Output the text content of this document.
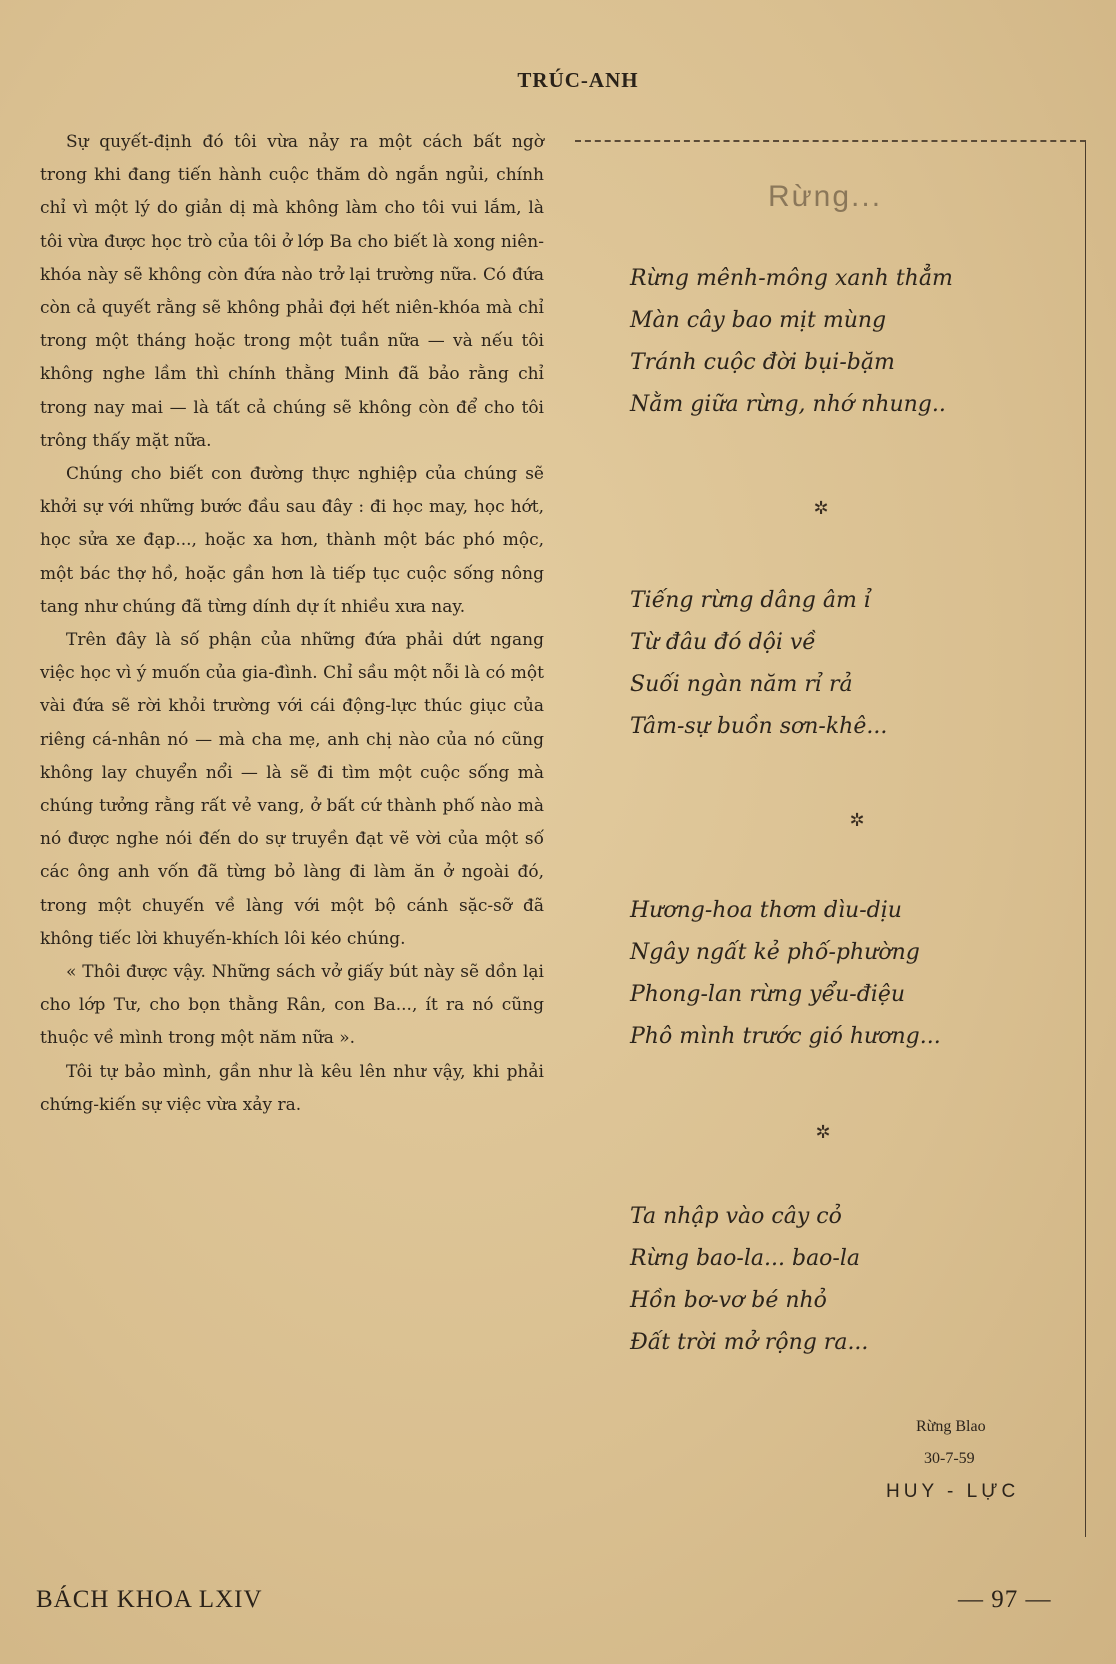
TRÚC-ANH

Sự quyết-định đó tôi vừa nảy ra một cách bất ngờ trong khi đang tiến hành cuộc thăm dò ngắn ngủi, chính chỉ vì một lý do giản dị mà không làm cho tôi vui lắm, là tôi vừa được học trò của tôi ở lớp Ba cho biết là xong niên-khóa này sẽ không còn đứa nào trở lại trường nữa. Có đứa còn cả quyết rằng sẽ không phải đợi hết niên-khóa mà chỉ trong một tháng hoặc trong một tuần nữa — và nếu tôi không nghe lầm thì chính thằng Minh đã bảo rằng chỉ trong nay mai — là tất cả chúng sẽ không còn để cho tôi trông thấy mặt nữa.

Chúng cho biết con đường thực nghiệp của chúng sẽ khởi sự với những bước đầu sau đây : đi học may, học hớt, học sửa xe đạp..., hoặc xa hơn, thành một bác phó mộc, một bác thợ hồ, hoặc gần hơn là tiếp tục cuộc sống nông tang như chúng đã từng dính dự ít nhiều xưa nay.

Trên đây là số phận của những đứa phải dứt ngang việc học vì ý muốn của gia-đình. Chỉ sầu một nỗi là có một vài đứa sẽ rời khỏi trường với cái động-lực thúc giục của riêng cá-nhân nó — mà cha mẹ, anh chị nào của nó cũng không lay chuyển nổi — là sẽ đi tìm một cuộc sống mà chúng tưởng rằng rất vẻ vang, ở bất cứ thành phố nào mà nó được nghe nói đến do sự truyền đạt vẽ vời của một số các ông anh vốn đã từng bỏ làng đi làm ăn ở ngoài đó, trong một chuyến về làng với một bộ cánh sặc-sỡ đã không tiếc lời khuyến-khích lôi kéo chúng.

« Thôi được vậy. Những sách vở giấy bút này sẽ dồn lại cho lớp Tư, cho bọn thằng Rân, con Ba..., ít ra nó cũng thuộc về mình trong một năm nữa ».

Tôi tự bảo mình, gần như là kêu lên như vậy, khi phải chứng-kiến sự việc vừa xảy ra.

Rừng...
Rừng mênh-mông xanh thẳm
Màn cây bao mịt mùng
Tránh cuộc đời bụi-bặm
Nằm giữa rừng, nhớ nhung..
✲
Tiếng rừng dâng âm ỉ
Từ đâu đó dội về
Suối ngàn năm rỉ rả
Tâm-sự buồn sơn-khê...
✲
Hương-hoa thơm dìu-dịu
Ngây ngất kẻ phố-phường
Phong-lan rừng yểu-điệu
Phô mình trước gió hương...
✲
Ta nhập vào cây cỏ
Rừng bao-la... bao-la
Hồn bơ-vơ bé nhỏ
Đất trời mở rộng ra...
Rừng Blao
30-7-59
HUY - LỰC
BÁCH KHOA LXIV	— 97 —
